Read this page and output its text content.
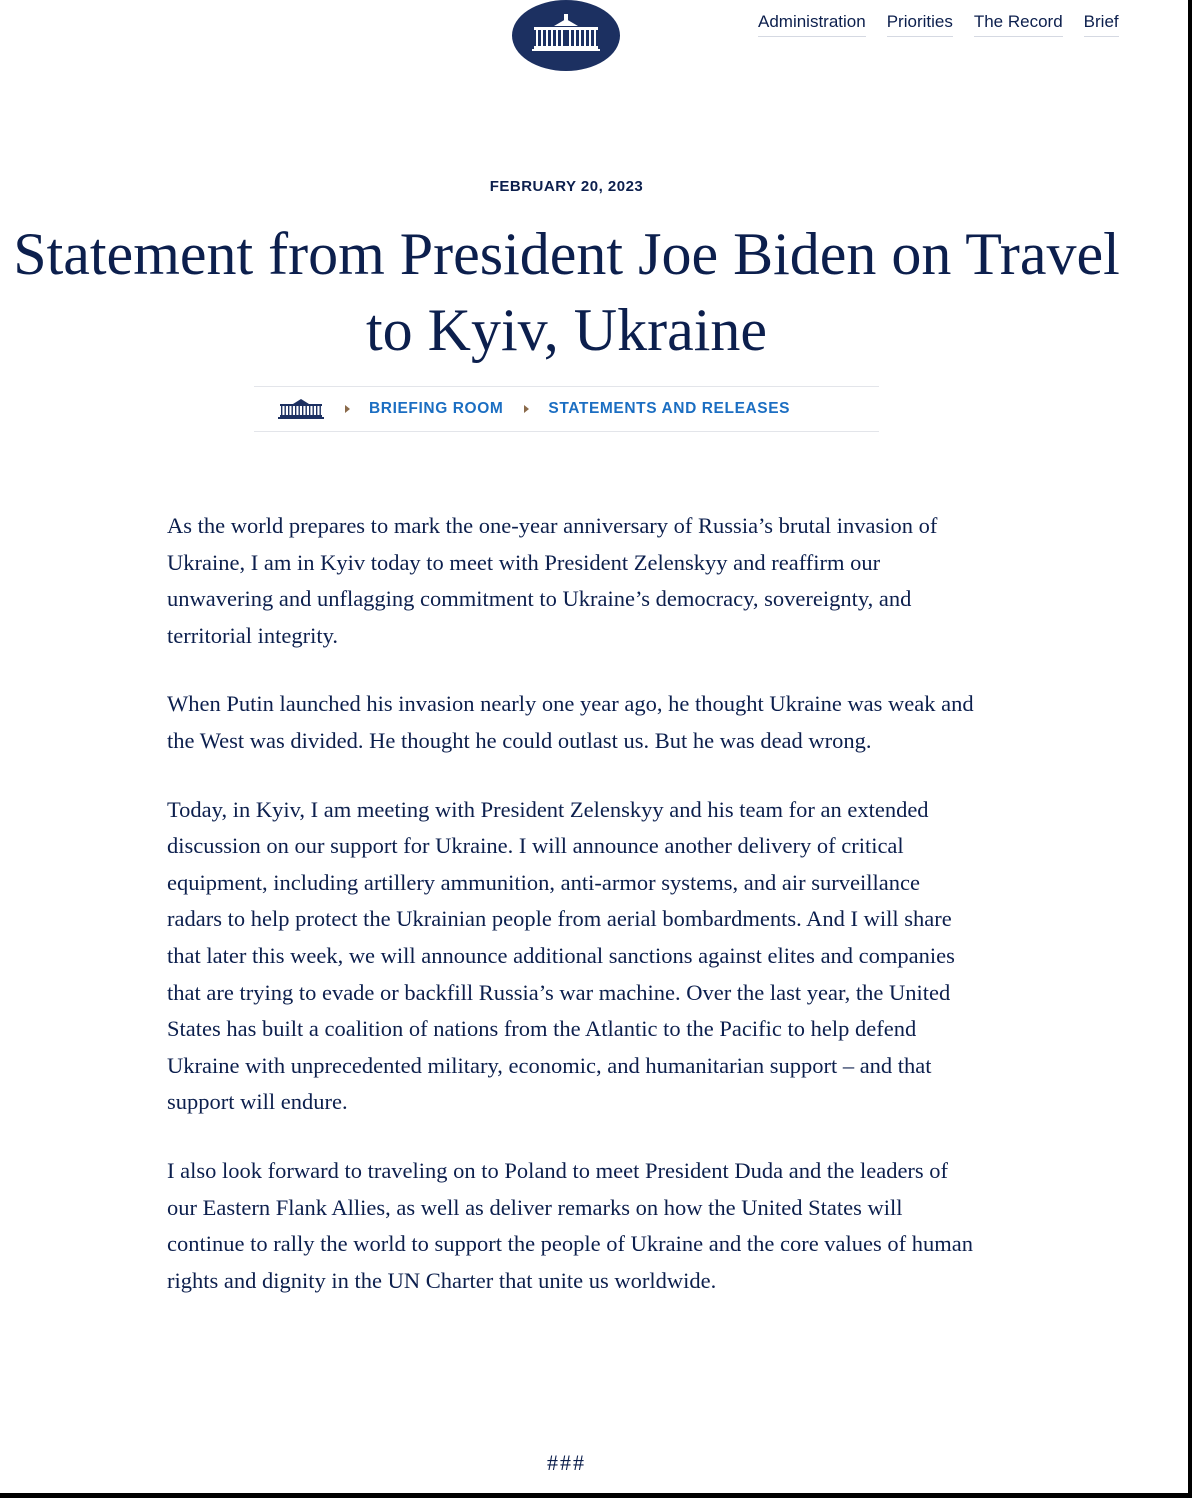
Administration Priorities The Record Brief
FEBRUARY 20, 2023
Statement from President Joe Biden on Travel to Kyiv, Ukraine
BRIEFING ROOM	STATEMENTS AND RELEASES

As the world prepares to mark the one-year anniversary of Russia’s brutal invasion of Ukraine, I am in Kyiv today to meet with President Zelenskyy and reaffirm our unwavering and unflagging commitment to Ukraine’s democracy, sovereignty, and territorial integrity.

When Putin launched his invasion nearly one year ago, he thought Ukraine was weak and the West was divided. He thought he could outlast us. But he was dead wrong.

Today, in Kyiv, I am meeting with President Zelenskyy and his team for an extended discussion on our support for Ukraine. I will announce another delivery of critical equipment, including artillery ammunition, anti-armor systems, and air surveillance radars to help protect the Ukrainian people from aerial bombardments. And I will share that later this week, we will announce additional sanctions against elites and companies that are trying to evade or backfill Russia’s war machine. Over the last year, the United States has built a coalition of nations from the Atlantic to the Pacific to help defend Ukraine with unprecedented military, economic, and humanitarian support – and that support will endure.

I also look forward to traveling on to Poland to meet President Duda and the leaders of our Eastern Flank Allies, as well as deliver remarks on how the United States will continue to rally the world to support the people of Ukraine and the core values of human rights and dignity in the UN Charter that unite us worldwide.

###
